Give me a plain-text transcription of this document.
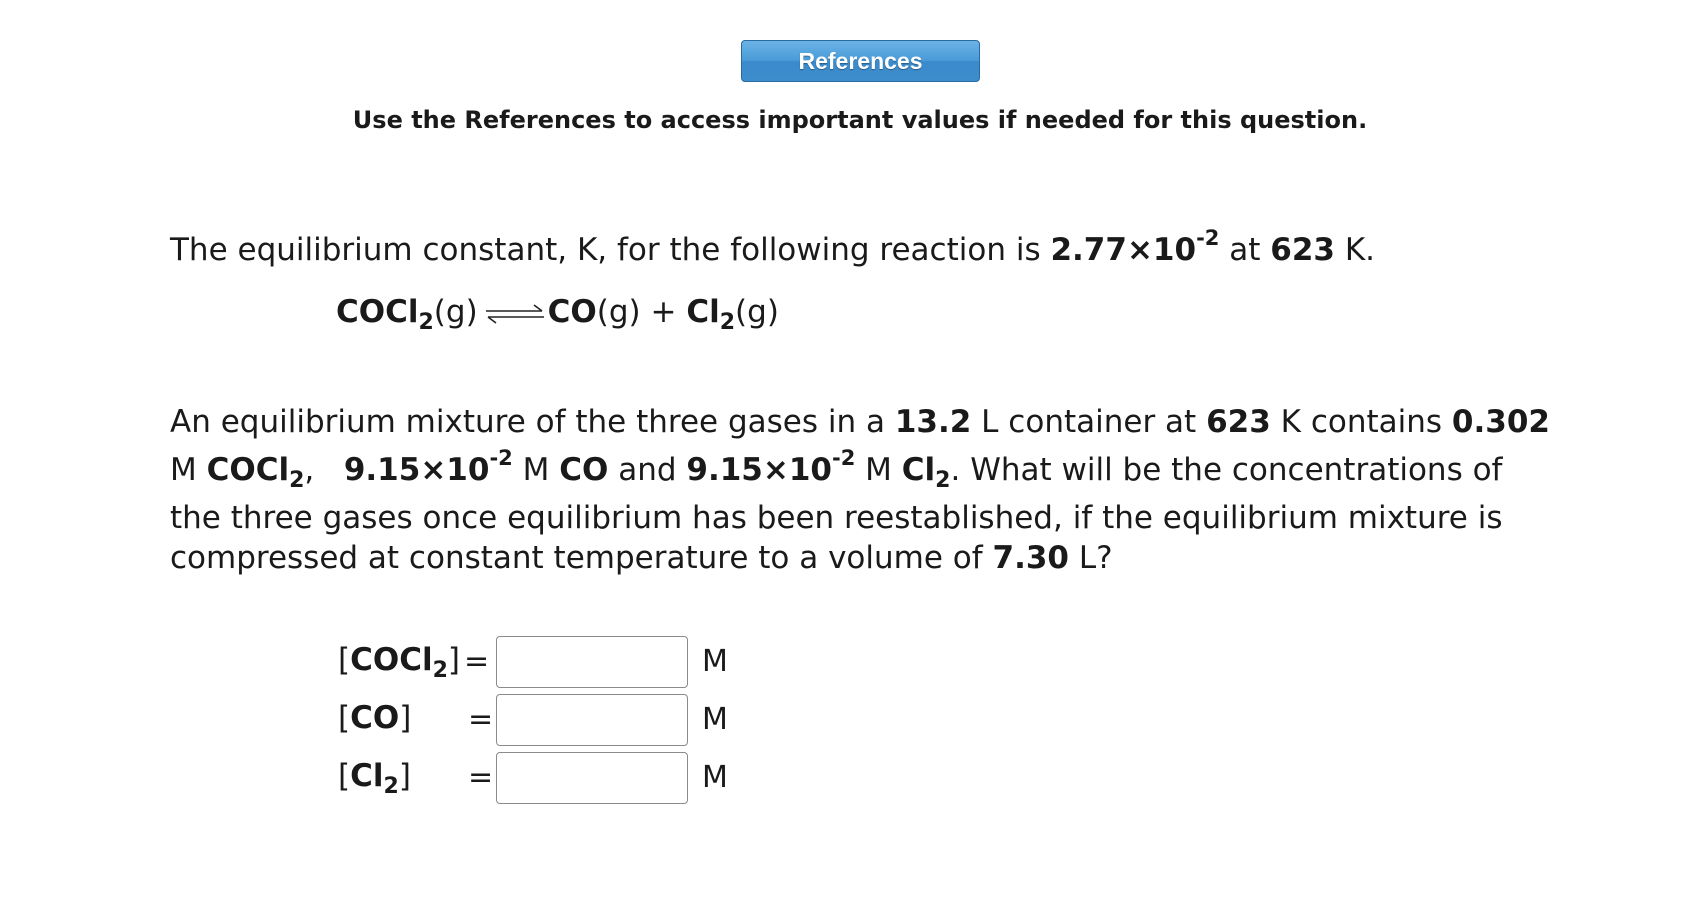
References
Use the References to access important values if needed for this question.
The equilibrium constant, K, for the following reaction is $2.77\times 10^{-2}$ at 623 K.
COCl$_2$(g) ⇌ $CO(g) + Cl_2(g)$
An equilibrium mixture of the three gases in a 13.2 L container at 623 K contains 0.302
M COCl$_2$,   $9.15\times 10^{-2}$ M CO and $9.15\times 10^{-2}$ M $Cl_2$. What will be the concentrations of
the three gases once equilibrium has been reestablished, if the equilibrium mixture is
compressed at constant temperature to a volume of 7.30 L?
[COCl$_2$] =	M
[CO] =	M
$[Cl_2]$ =	M
